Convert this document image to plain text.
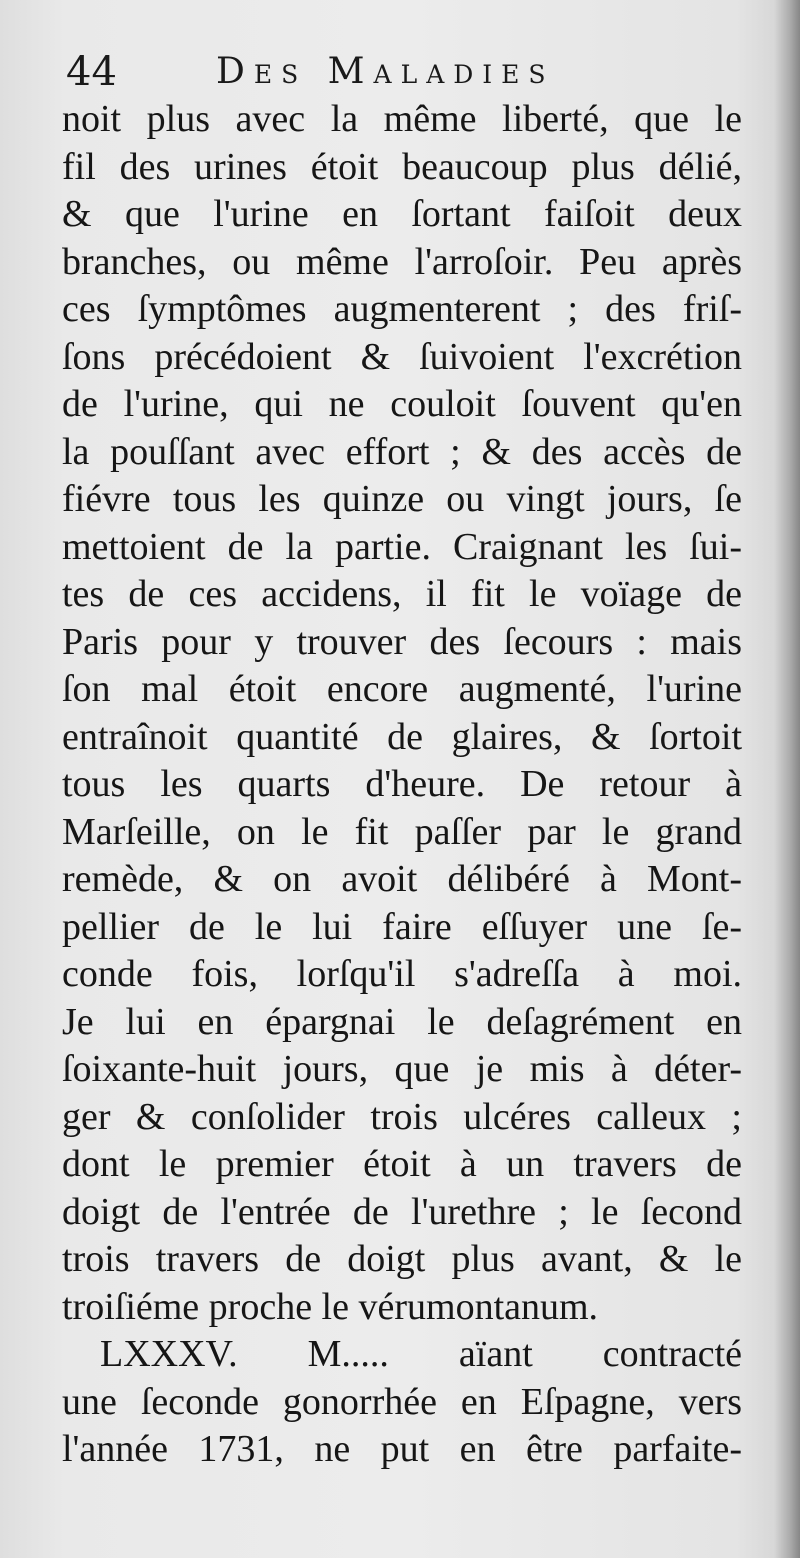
44	Des Maladies
noit plus avec la même liberté, que le
fil des urines étoit beaucoup plus délié,
& que l'urine en ſortant faiſoit deux
branches, ou même l'arroſoir. Peu après
ces ſymptômes augmenterent ; des friſ-
ſons précédoient & ſuivoient l'excrétion
de l'urine, qui ne couloit ſouvent qu'en
la pouſſant avec effort ; & des accès de
fiévre tous les quinze ou vingt jours, ſe
mettoient de la partie. Craignant les ſui-
tes de ces accidens, il fit le voïage de
Paris pour y trouver des ſecours : mais
ſon mal étoit encore augmenté, l'urine
entraînoit quantité de glaires, & ſortoit
tous les quarts d'heure. De retour à
Marſeille, on le fit paſſer par le grand
remède, & on avoit délibéré à Mont-
pellier de le lui faire eſſuyer une ſe-
conde fois, lorſqu'il s'adreſſa à moi.
Je lui en épargnai le deſagrément en
ſoixante-huit jours, que je mis à déter-
ger & conſolider trois ulcéres calleux ;
dont le premier étoit à un travers de
doigt de l'entrée de l'urethre ; le ſecond
trois travers de doigt plus avant, & le
troiſiéme proche le vérumontanum.
LXXXV. M..... aïant contracté
une ſeconde gonorrhée en Eſpagne, vers
l'année 1731, ne put en être parfaite-
